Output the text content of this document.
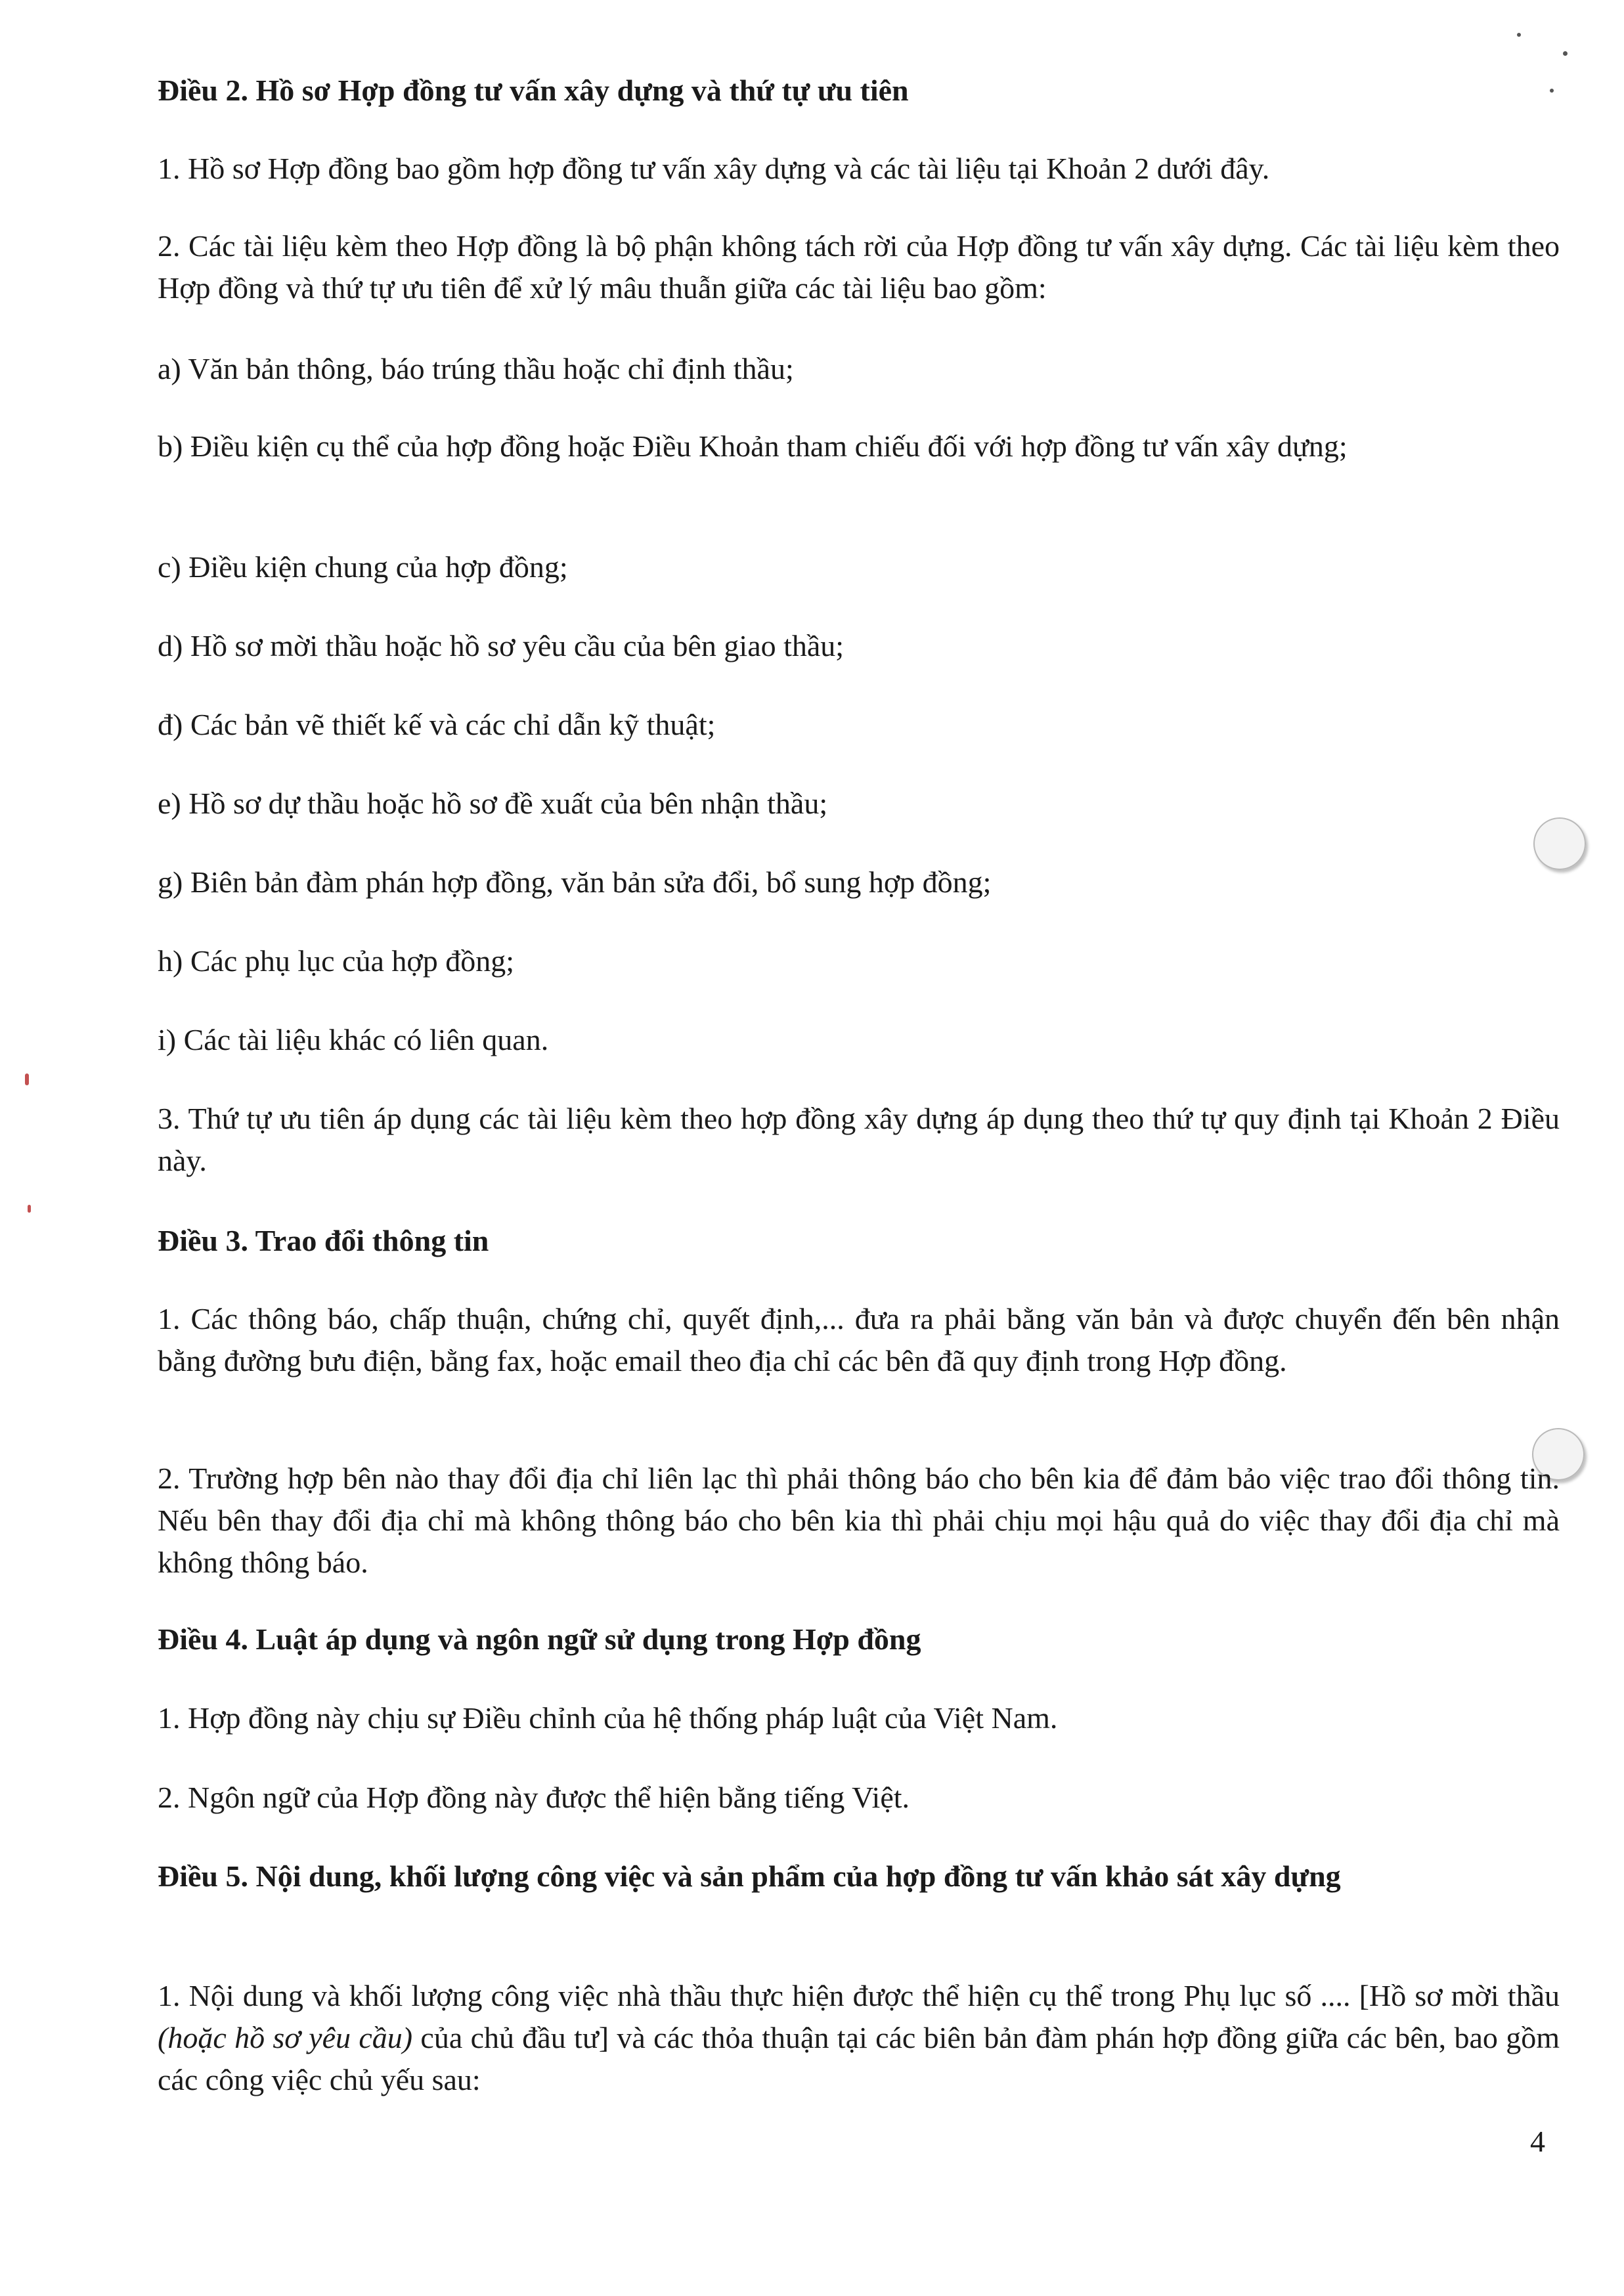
Điều 2. Hồ sơ Hợp đồng tư vấn xây dựng và thứ tự ưu tiên

1. Hồ sơ Hợp đồng bao gồm hợp đồng tư vấn xây dựng và các tài liệu tại Khoản 2 dưới đây.

2. Các tài liệu kèm theo Hợp đồng là bộ phận không tách rời của Hợp đồng tư vấn xây dựng. Các tài liệu kèm theo Hợp đồng và thứ tự ưu tiên để xử lý mâu thuẫn giữa các tài liệu bao gồm:

a) Văn bản thông, báo trúng thầu hoặc chỉ định thầu;

b) Điều kiện cụ thể của hợp đồng hoặc Điều Khoản tham chiếu đối với hợp đồng tư vấn xây dựng;

c) Điều kiện chung của hợp đồng;

d) Hồ sơ mời thầu hoặc hồ sơ yêu cầu của bên giao thầu;

đ) Các bản vẽ thiết kế và các chỉ dẫn kỹ thuật;

e) Hồ sơ dự thầu hoặc hồ sơ đề xuất của bên nhận thầu;

g) Biên bản đàm phán hợp đồng, văn bản sửa đổi, bổ sung hợp đồng;

h) Các phụ lục của hợp đồng;

i) Các tài liệu khác có liên quan.

3. Thứ tự ưu tiên áp dụng các tài liệu kèm theo hợp đồng xây dựng áp dụng theo thứ tự quy định tại Khoản 2 Điều này.

Điều 3. Trao đổi thông tin

1. Các thông báo, chấp thuận, chứng chỉ, quyết định,... đưa ra phải bằng văn bản và được chuyển đến bên nhận bằng đường bưu điện, bằng fax, hoặc email theo địa chỉ các bên đã quy định trong Hợp đồng.

2. Trường hợp bên nào thay đổi địa chỉ liên lạc thì phải thông báo cho bên kia để đảm bảo việc trao đổi thông tin. Nếu bên thay đổi địa chỉ mà không thông báo cho bên kia thì phải chịu mọi hậu quả do việc thay đổi địa chỉ mà không thông báo.

Điều 4. Luật áp dụng và ngôn ngữ sử dụng trong Hợp đồng

1. Hợp đồng này chịu sự Điều chỉnh của hệ thống pháp luật của Việt Nam.

2. Ngôn ngữ của Hợp đồng này được thể hiện bằng tiếng Việt.

Điều 5. Nội dung, khối lượng công việc và sản phẩm của hợp đồng tư vấn khảo sát xây dựng

1. Nội dung và khối lượng công việc nhà thầu thực hiện được thể hiện cụ thể trong Phụ lục số .... [Hồ sơ mời thầu (hoặc hồ sơ yêu cầu) của chủ đầu tư] và các thỏa thuận tại các biên bản đàm phán hợp đồng giữa các bên, bao gồm các công việc chủ yếu sau:

4
